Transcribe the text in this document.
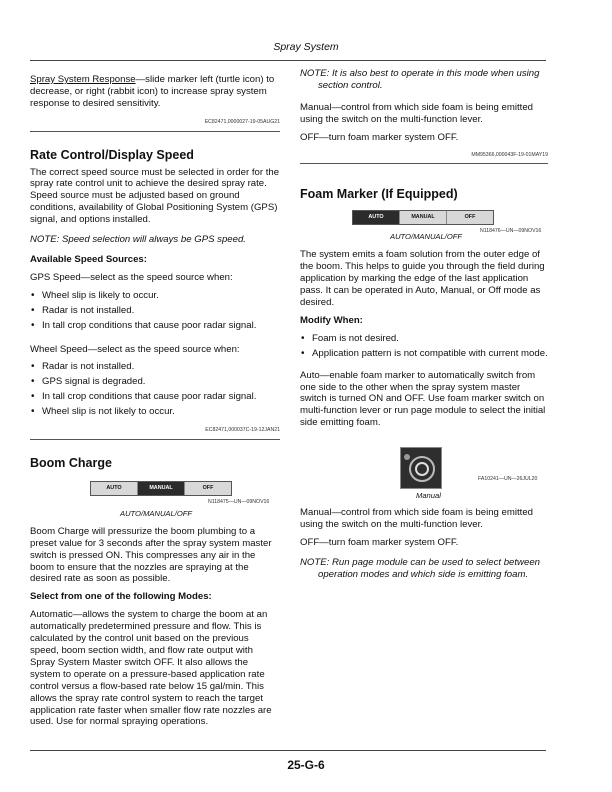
Spray System

Spray System Response—slide marker left (turtle icon) to decrease, or right (rabbit icon) to increase spray system response to desired sensitivity.

EC82471,0000027-19-05AUG21
Rate Control/Display Speed

The correct speed source must be selected in order for the spray rate control unit to achieve the desired spray rate. Speed source must be adjusted based on ground conditions, availability of Global Positioning System (GPS) signal, and options installed.

NOTE: Speed selection will always be GPS speed.

Available Speed Sources:

GPS Speed—select as the speed source when:

• Wheel slip is likely to occur.
• Radar is not installed.
• In tall crop conditions that cause poor radar signal.

Wheel Speed—select as the speed source when:

• Radar is not installed.
• GPS signal is degraded.
• In tall crop conditions that cause poor radar signal.
• Wheel slip is not likely to occur.
EC82471,000037C-19-12JAN21
Boom Charge
AUTO	MANUAL	OFF
N118475—UN—09NOV16
AUTO/MANUAL/OFF

Boom Charge will pressurize the boom plumbing to a preset value for 3 seconds after the spray system master switch is pressed ON. This compresses any air in the boom to ensure that the nozzles are spraying at the desired rate as soon as possible.

Select from one of the following Modes:

Automatic—allows the system to charge the boom at an automatically predetermined pressure and flow. This is calculated by the control unit based on the previous speed, boom section width, and flow rate output with Spray System Master switch OFF. It also allows the system to operate on a pressure-based application rate control versus a flow-based rate below 15 gal/min. This allows the spray rate control system to reach the target application rate faster when smaller flow rate nozzles are used. Use for normal spraying operations.

NOTE: It is also best to operate in this mode when using section control.

Manual—control from which side foam is being emitted using the switch on the multi-function lever.

OFF—turn foam marker system OFF.

MM95366,000043F-19-01MAY19
Foam Marker (If Equipped)
AUTO	MANUAL	OFF
N118476—UN—09NOV16
AUTO/MANUAL/OFF

The system emits a foam solution from the outer edge of the boom. This helps to guide you through the field during application by marking the edge of the last application pass. It can be operated in Auto, Manual, or Off mode as desired.

Modify When:

• Foam is not desired.
• Application pattern is not compatible with current mode.

Auto—enable foam marker to automatically switch from one side to the other when the spray system master switch is turned ON and OFF. Use foam marker switch on multi-function lever or run page module to select the initial side emitting foam.

FA10241—UN—26JUL20
Manual

Manual—control from which side foam is being emitted using the switch on the multi-function lever.

OFF—turn foam marker system OFF.

NOTE: Run page module can be used to select between operation modes and which side is emitting foam.

25-G-6
